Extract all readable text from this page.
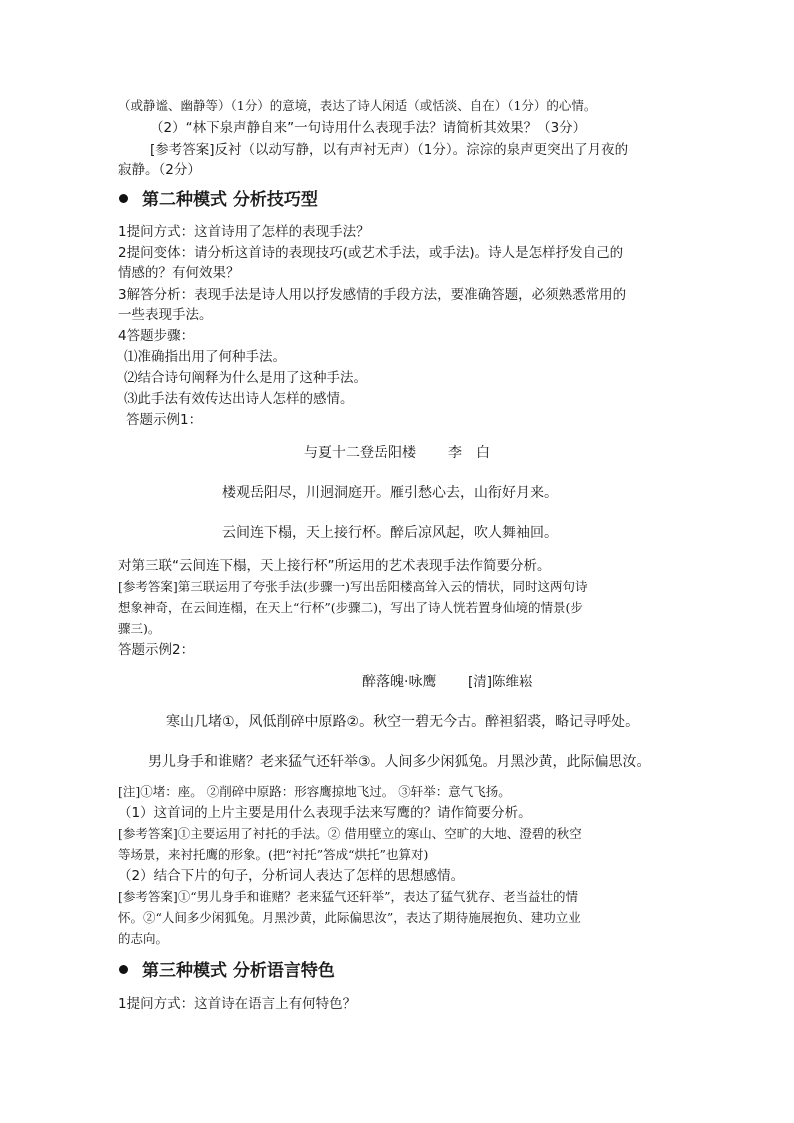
（或静谧、幽静等）（1分）的意境，表达了诗人闲适（或恬淡、自在）（1分）的心情。
（2）“林下泉声静自来”一句诗用什么表现手法？请简析其效果？（3分）
[参考答案]反衬（以动写静，以有声衬无声）（1分）。淙淙的泉声更突出了月夜的
寂静。（2分）
第二种模式 分析技巧型
1提问方式：这首诗用了怎样的表现手法？
2提问变体：请分析这首诗的表现技巧(或艺术手法，或手法)。诗人是怎样抒发自己的
情感的？有何效果？
3解答分析：表现手法是诗人用以抒发感情的手段方法，要准确答题，必须熟悉常用的
一些表现手法。
4答题步骤：
⑴准确指出用了何种手法。
⑵结合诗句阐释为什么是用了这种手法。
⑶此手法有效传达出诗人怎样的感情。
答题示例1：
与夏十二登岳阳楼 李　白
楼观岳阳尽，川迥洞庭开。雁引愁心去，山衔好月来。
云间连下榻，天上接行杯。醉后凉风起，吹人舞袖回。
对第三联“云间连下榻，天上接行杯”所运用的艺术表现手法作简要分析。
[参考答案]第三联运用了夸张手法(步骤一)写出岳阳楼高耸入云的情状，同时这两句诗
想象神奇，在云间连榻，在天上“行杯”(步骤二)，写出了诗人恍若置身仙境的情景(步
骤三)。
答题示例2：
醉落魄·咏鹰 [清]陈维崧
寒山几堵①，风低削碎中原路②。秋空一碧无今古。醉袒貂裘，略记寻呼处。
男儿身手和谁赌？老来猛气还轩举③。人间多少闲狐兔。月黑沙黄，此际偏思汝。
[注]①堵：座。 ②削碎中原路：形容鹰掠地飞过。 ③轩举：意气飞扬。
（1）这首词的上片主要是用什么表现手法来写鹰的？请作简要分析。
[参考答案]①主要运用了衬托的手法。② 借用壁立的寒山、空旷的大地、澄碧的秋空
等场景，来衬托鹰的形象。(把“衬托”答成“烘托”也算对)
（2）结合下片的句子，分析词人表达了怎样的思想感情。
[参考答案]①“男儿身手和谁赌？老来猛气还轩举”，表达了猛气犹存、老当益壮的情
怀。②“人间多少闲狐兔。月黑沙黄，此际偏思汝”，表达了期待施展抱负、建功立业
的志向。
第三种模式 分析语言特色
1提问方式：这首诗在语言上有何特色？
